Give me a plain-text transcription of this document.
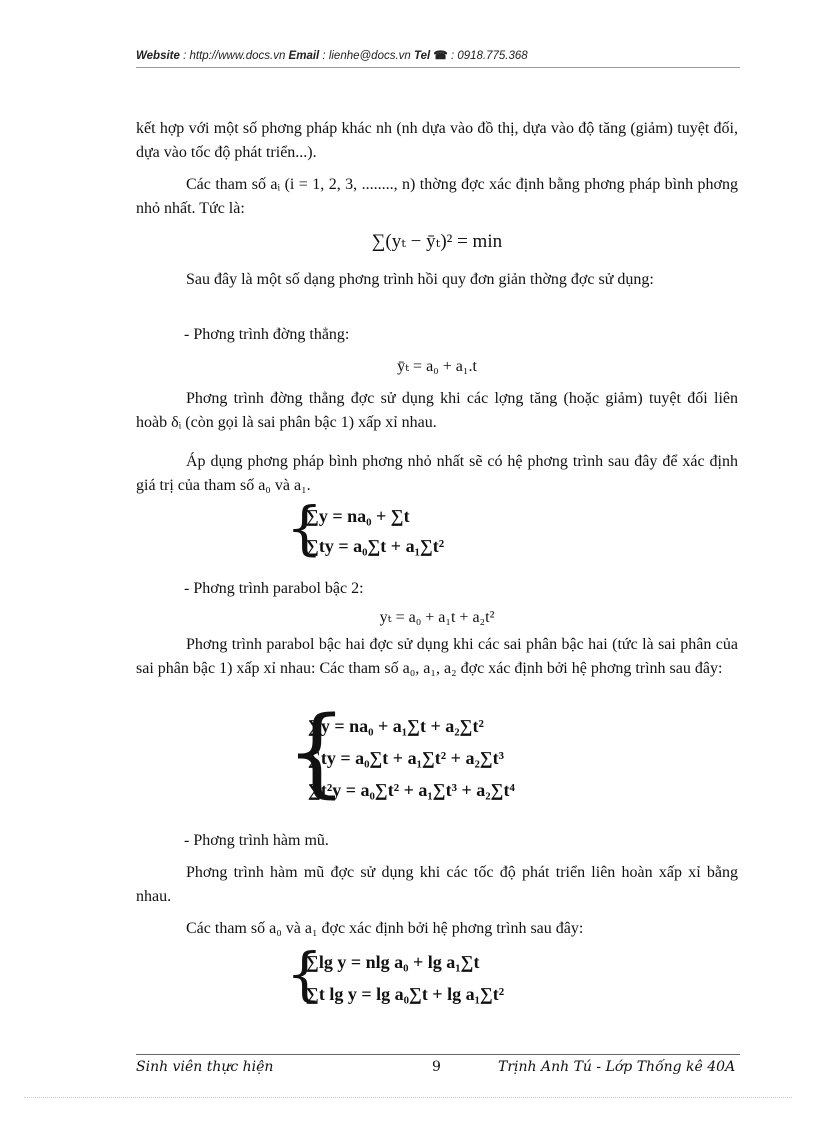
Website : http://www.docs.vn Email : lienhe@docs.vn Tel ☎ : 0918.775.368

kết hợp với một số phơng pháp khác nh (nh dựa vào đồ thị, dựa vào độ tăng (giảm) tuyệt đối, dựa vào tốc độ phát triển...).

Các tham số aᵢ (i = 1, 2, 3, ........, n) thờng đợc xác định bằng phơng pháp bình phơng nhỏ nhất. Tức là:

∑(yₜ − ȳₜ)² = min

Sau đây là một số dạng phơng trình hồi quy đơn giản thờng đợc sử dụng:

- Phơng trình đờng thẳng:

ȳₜ = a₀ + a₁.t

Phơng trình đờng thẳng đợc sử dụng khi các lợng tăng (hoặc giảm) tuyệt đối liên hoàb δᵢ (còn gọi là sai phân bậc 1) xấp xỉ nhau.

Áp dụng phơng pháp bình phơng nhỏ nhất sẽ có hệ phơng trình sau đây để xác định giá trị của tham số a₀ và a₁.

{
∑y = na₀ + ∑t
∑ty = a₀∑t + a₁∑t²

- Phơng trình parabol bậc 2:

yₜ = a₀ + a₁t + a₂t²

Phơng trình parabol bậc hai đợc sử dụng khi các sai phân bậc hai (tức là sai phân của sai phân bậc 1) xấp xỉ nhau: Các tham số a₀, a₁, a₂ đợc xác định bởi hệ phơng trình sau đây:

{
∑y = na₀ + a₁∑t + a₂∑t²
∑ty = a₀∑t + a₁∑t² + a₂∑t³
∑t²y = a₀∑t² + a₁∑t³ + a₂∑t⁴

- Phơng trình hàm mũ.

Phơng trình hàm mũ đợc sử dụng khi các tốc độ phát triển liên hoàn xấp xỉ bằng nhau.

Các tham số a₀ và a₁ đợc xác định bởi hệ phơng trình sau đây:

{
∑lg y = nlg a₀ + lg a₁∑t
∑t lg y = lg a₀∑t + lg a₁∑t²
Sinh viên thực hiện	9	Trịnh Anh Tú - Lớp Thống kê 40A
